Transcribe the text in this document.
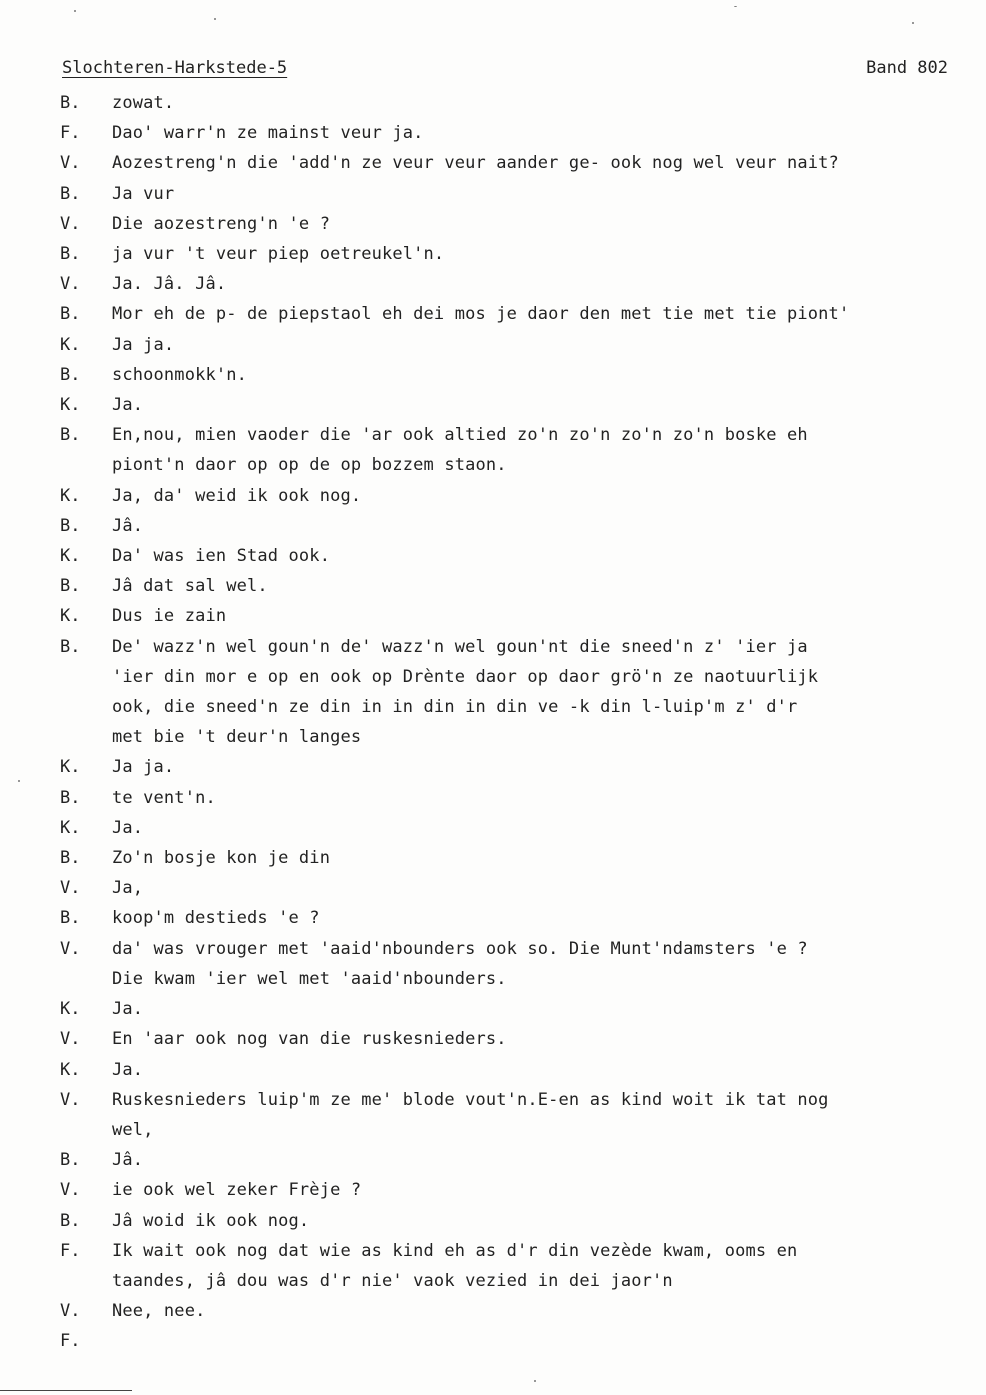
Slochteren-Harkstede-5	Band 802
B.	zowat.
F.	Dao' warr'n ze mainst veur ja.
V.	Aozestreng'n die 'add'n ze veur veur aander ge- ook nog wel veur nait?
B.	Ja vur
V.	Die aozestreng'n 'e ?
B.	ja vur 't veur piep oetreukel'n.
V.	Ja. Jâ. Jâ.
B.	Mor eh de p- de piepstaol eh dei mos je daor den met tie met tie piont'
K.	Ja ja.
B.	schoonmokk'n.
K.	Ja.
B.	En,nou, mien vaoder die 'ar ook altied zo'n zo'n zo'n zo'n boske eh
piont'n daor op op de op bozzem staon.
K.	Ja, da' weid ik ook nog.
B.	Jâ.
K.	Da' was ien Stad ook.
B.	Jâ dat sal wel.
K.	Dus ie zain
B.	De' wazz'n wel goun'n de' wazz'n wel goun'nt die sneed'n z' 'ier ja
'ier din mor e op en ook op Drènte daor op daor grö'n ze naotuurlijk
ook, die sneed'n ze din in in din in din ve -k din l-luip'm z' d'r
met bie 't deur'n langes
K.	Ja ja.
B.	te vent'n.
K.	Ja.
B.	Zo'n bosje kon je din
V.	Ja,
B.	koop'm destieds 'e ?
V.	da' was vrouger met 'aaid'nbounders ook so. Die Munt'ndamsters 'e ?
Die kwam 'ier wel met 'aaid'nbounders.
K.	Ja.
V.	En 'aar ook nog van die ruskesnieders.
K.	Ja.
V.	Ruskesnieders luip'm ze me' blode vout'n.E-en as kind woit ik tat nog
wel,
B.	Jâ.
V.	ie ook wel zeker Frèje ?
B.	Jâ woid ik ook nog.
F.	Ik wait ook nog dat wie as kind eh as d'r din vezède kwam, ooms en
taandes, jâ dou was d'r nie' vaok vezied in dei jaor'n
V.	Nee, nee.
F.
